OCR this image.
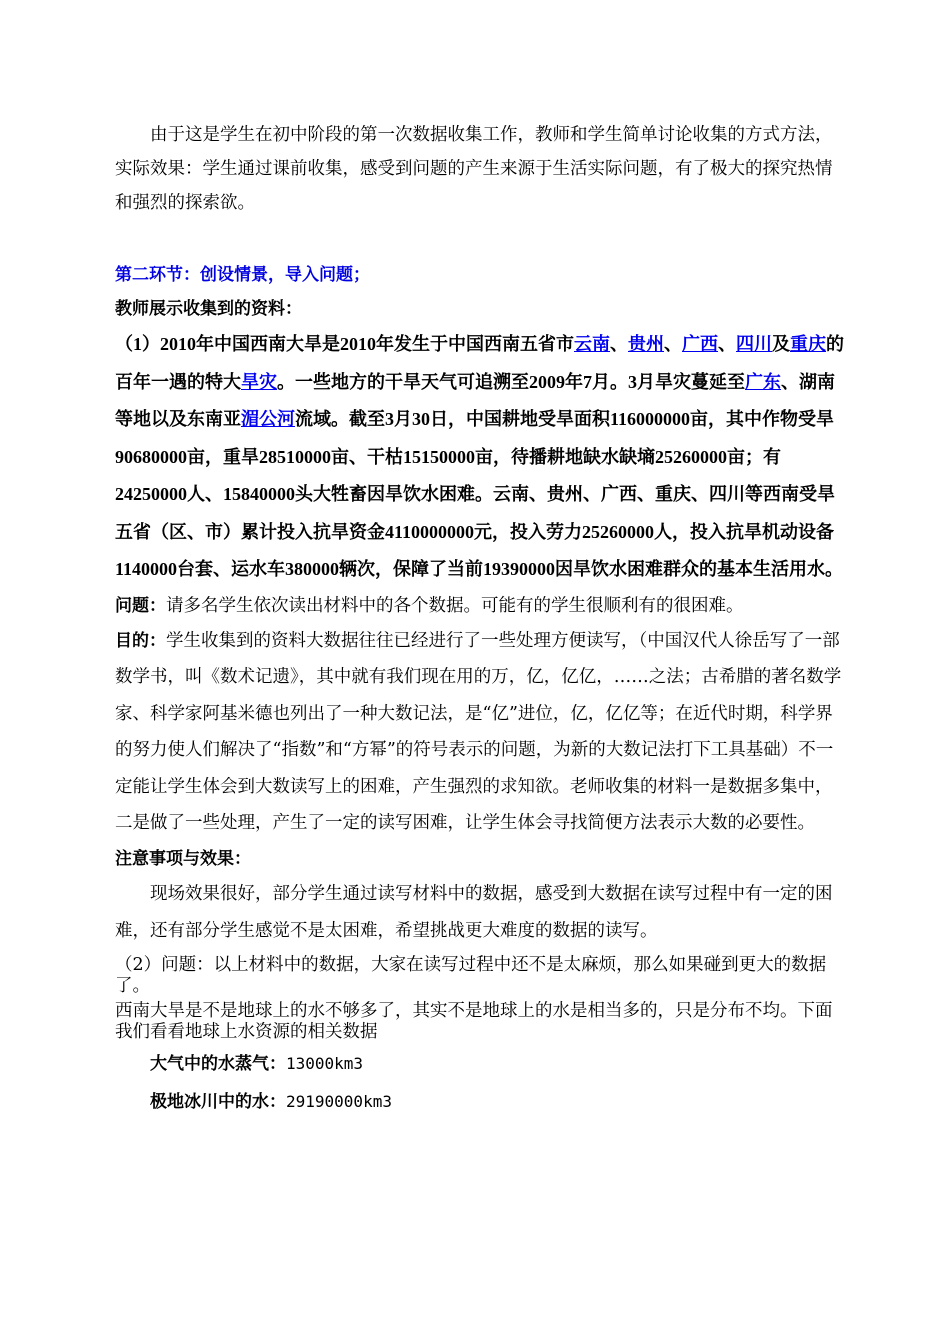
由于这是学生在初中阶段的第一次数据收集工作，教师和学生简单讨论收集的方式方法，实际效果：学生通过课前收集，感受到问题的产生来源于生活实际问题，有了极大的探究热情和强烈的探索欲。

第二环节：创设情景，导入问题；

教师展示收集到的资料：

（1）2010年中国西南大旱是2010年发生于中国西南五省市云南、贵州、广西、四川及重庆的百年一遇的特大旱灾。一些地方的干旱天气可追溯至2009年7月。3月旱灾蔓延至广东、湖南等地以及东南亚湄公河流域。截至3月30日，中国耕地受旱面积116000000亩，其中作物受旱90680000亩，重旱28510000亩、干枯15150000亩，待播耕地缺水缺墒25260000亩；有24250000人、15840000头大牲畜因旱饮水困难。云南、贵州、广西、重庆、四川等西南受旱五省（区、市）累计投入抗旱资金4110000000元，投入劳力25260000人，投入抗旱机动设备1140000台套、运水车380000辆次，保障了当前19390000因旱饮水困难群众的基本生活用水。

问题：请多名学生依次读出材料中的各个数据。可能有的学生很顺利有的很困难。

目的：学生收集到的资料大数据往往已经进行了一些处理方便读写，（中国汉代人徐岳写了一部数学书，叫《数术记遗》，其中就有我们现在用的万，亿，亿亿，……之法；古希腊的著名数学家、科学家阿基米德也列出了一种大数记法，是“亿”进位，亿，亿亿等；在近代时期，科学界的努力使人们解决了“指数”和“方幂”的符号表示的问题，为新的大数记法打下工具基础）不一定能让学生体会到大数读写上的困难，产生强烈的求知欲。老师收集的材料一是数据多集中，二是做了一些处理，产生了一定的读写困难，让学生体会寻找简便方法表示大数的必要性。

注意事项与效果：

现场效果很好，部分学生通过读写材料中的数据，感受到大数据在读写过程中有一定的困难，还有部分学生感觉不是太困难，希望挑战更大难度的数据的读写。

（2）问题：以上材料中的数据，大家在读写过程中还不是太麻烦，那么如果碰到更大的数据了。

西南大旱是不是地球上的水不够多了，其实不是地球上的水是相当多的，只是分布不均。下面我们看看地球上水资源的相关数据

大气中的水蒸气：13000km3
极地冰川中的水：29190000km3
